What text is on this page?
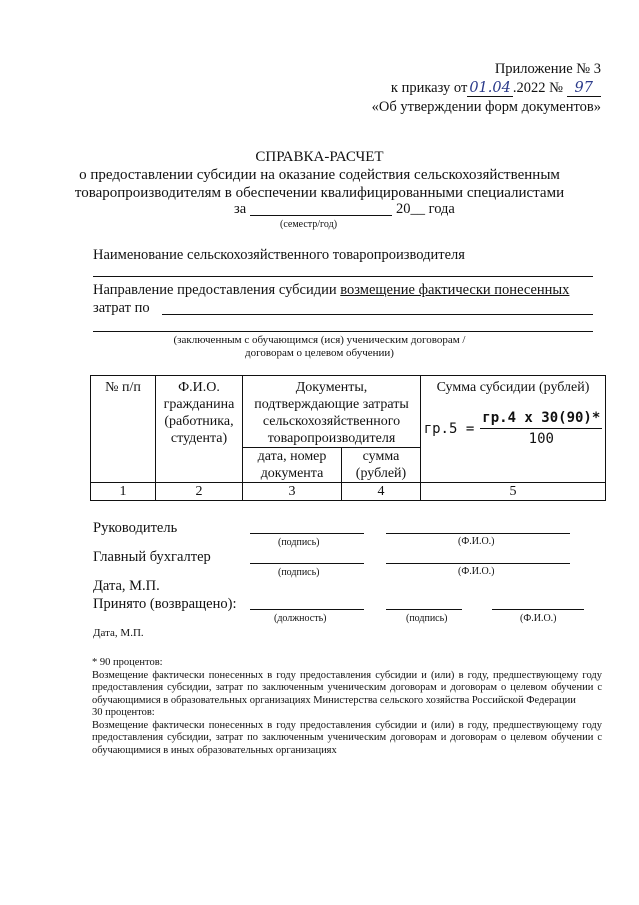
Приложение № 3
к приказу от 01.04 .2022 № 97
«Об утверждении форм документов»
СПРАВКА-РАСЧЕТ
о предоставлении субсидии на оказание содействия сельскохозяйственным
товаропроизводителям в обеспечении квалифицированными специалистами
за	20__ года
(семестр/год)
Наименование сельскохозяйственного товаропроизводителя
Направление предоставления субсидии возмещение фактически понесенных
затрат по
(заключенным с обучающимся (ися) ученическим договорам /
договорам о целевом обучении)
№ п/п	Ф.И.О. гражданина (работника, студента)	Документы, подтверждающие затраты сельскохозяйственного товаропроизводителя		Сумма субсидии (рублей)
$гр.5 = \frac{гр.4 х 30(90)*}{100}$

		дата, номер документа	сумма (рублей)	
1	2	3	4	5
Руководитель
(подпись)	(Ф.И.О.)
Главный бухгалтер
(подпись)	(Ф.И.О.)
Дата, М.П.
Принято (возвращено):
(должность)	(подпись)	(Ф.И.О.)
Дата, М.П.
* 90 процентов:
Возмещение фактически понесенных в году предоставления субсидии и (или) в году, предшествующему году предоставления субсидии, затрат по заключенным ученическим договорам и договорам о целевом обучении с обучающимися в образовательных организациях Министерства сельского хозяйства Российской Федерации
30 процентов:
Возмещение фактически понесенных в году предоставления субсидии и (или) в году, предшествующему году предоставления субсидии, затрат по заключенным ученическим договорам и договорам о целевом обучении с обучающимися в иных образовательных организациях
